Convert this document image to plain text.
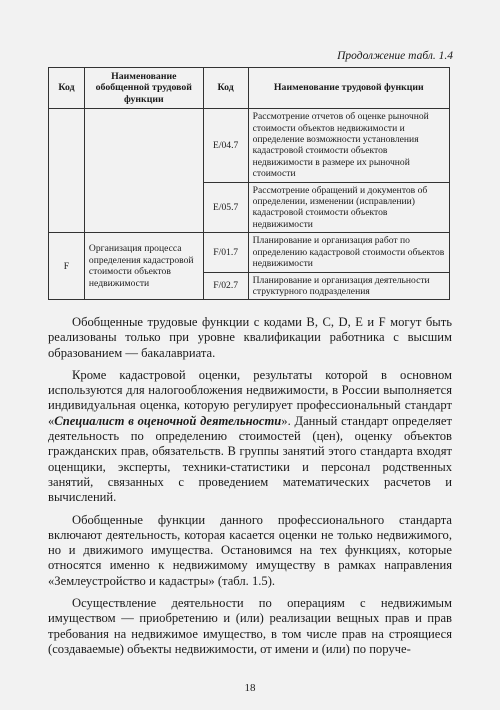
Продолжение табл. 1.4
Код	Наименование обобщенной трудовой функции	Код	Наименование трудовой функции
		E/04.7	Рассмотрение отчетов об оценке рыночной стоимости объектов недвижимости и определение возможности установления кадастровой стоимости объектов недвижимости в размере их рыночной стоимости
		E/05.7	Рассмотрение обращений и документов об определении, изменении (исправлении) кадастровой стоимости объектов недвижимости
F	Организация процесса определения кадастровой стоимости объектов недвижимости	F/01.7	Планирование и организация работ по определению кадастровой стоимости объектов недвижимости
		F/02.7	Планирование и организация деятельности структурного подразделения

Обобщенные трудовые функции с кодами B, C, D, E и F могут быть реализованы только при уровне квалификации работника с высшим образованием — бакалавриата.

Кроме кадастровой оценки, результаты которой в основном используются для налогообложения недвижимости, в России выполняется индивидуальная оценка, которую регулирует профессиональный стандарт «Специалист в оценочной деятельности». Данный стандарт определяет деятельность по определению стоимостей (цен), оценку объектов гражданских прав, обязательств. В группы занятий этого стандарта входят оценщики, эксперты, техники-статистики и персонал родственных занятий, связанных с проведением математических расчетов и вычислений.

Обобщенные функции данного профессионального стандарта включают деятельность, которая касается оценки не только недвижимого, но и движимого имущества. Остановимся на тех функциях, которые относятся именно к недвижимому имуществу в рамках направления «Землеустройство и кадастры» (табл. 1.5).

Осуществление деятельности по операциям с недвижимым имуществом — приобретению и (или) реализации вещных прав и прав требования на недвижимое имущество, в том числе прав на строящиеся (создаваемые) объекты недвижимости, от имени и (или) по поруче-

18
